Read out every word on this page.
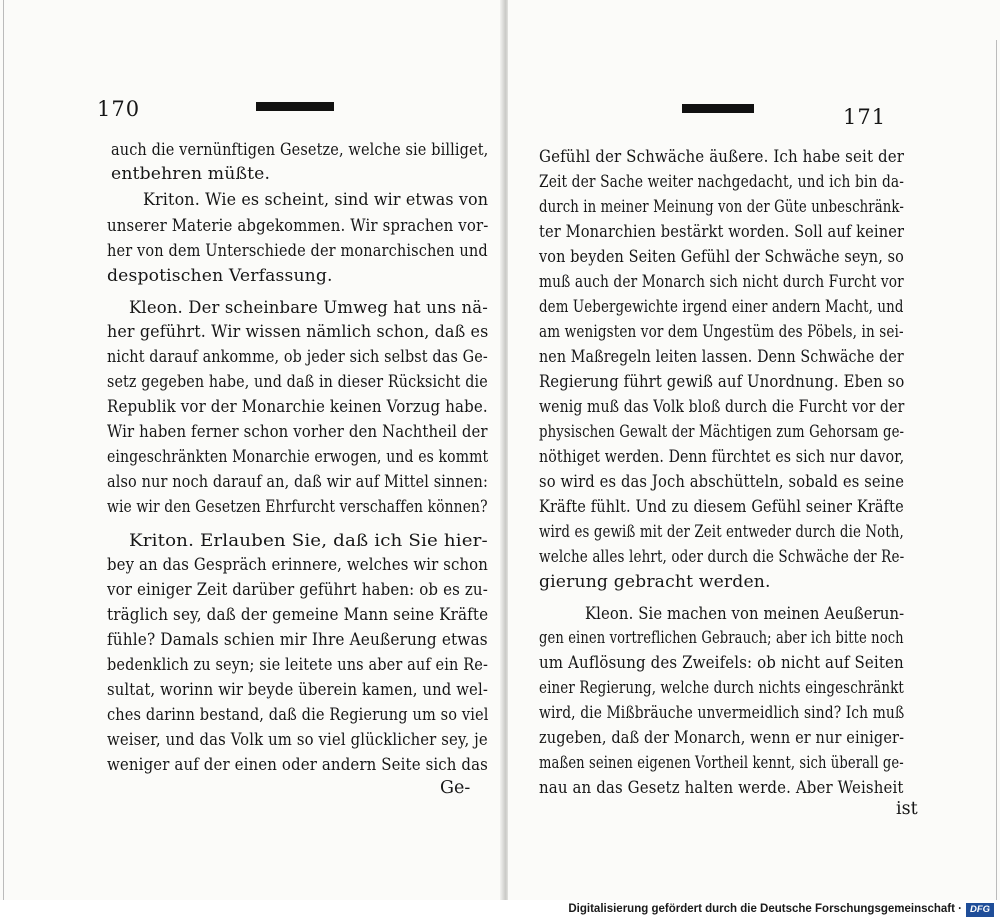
170
auch die vernünftigen Gesetze, welche sie billiget,
entbehren müßte.
Kriton. Wie es scheint, sind wir etwas von
unserer Materie abgekommen. Wir sprachen vor-
her von dem Unterschiede der monarchischen und
despotischen Verfassung.
Kleon. Der scheinbare Umweg hat uns nä-
her geführt. Wir wissen nämlich schon, daß es
nicht darauf ankomme, ob jeder sich selbst das Ge-
setz gegeben habe, und daß in dieser Rücksicht die
Republik vor der Monarchie keinen Vorzug habe.
Wir haben ferner schon vorher den Nachtheil der
eingeschränkten Monarchie erwogen, und es kommt
also nur noch darauf an, daß wir auf Mittel sinnen:
wie wir den Gesetzen Ehrfurcht verschaffen können?
Kriton. Erlauben Sie, daß ich Sie hier-
bey an das Gespräch erinnere, welches wir schon
vor einiger Zeit darüber geführt haben: ob es zu-
träglich sey, daß der gemeine Mann seine Kräfte
fühle? Damals schien mir Ihre Aeußerung etwas
bedenklich zu seyn; sie leitete uns aber auf ein Re-
sultat, worinn wir beyde überein kamen, und wel-
ches darinn bestand, daß die Regierung um so viel
weiser, und das Volk um so viel glücklicher sey, je
weniger auf der einen oder andern Seite sich das
Ge-
171
Gefühl der Schwäche äußere. Ich habe seit der
Zeit der Sache weiter nachgedacht, und ich bin da-
durch in meiner Meinung von der Güte unbeschränk-
ter Monarchien bestärkt worden. Soll auf keiner
von beyden Seiten Gefühl der Schwäche seyn, so
muß auch der Monarch sich nicht durch Furcht vor
dem Uebergewichte irgend einer andern Macht, und
am wenigsten vor dem Ungestüm des Pöbels, in sei-
nen Maßregeln leiten lassen. Denn Schwäche der
Regierung führt gewiß auf Unordnung. Eben so
wenig muß das Volk bloß durch die Furcht vor der
physischen Gewalt der Mächtigen zum Gehorsam ge-
nöthiget werden. Denn fürchtet es sich nur davor,
so wird es das Joch abschütteln, sobald es seine
Kräfte fühlt. Und zu diesem Gefühl seiner Kräfte
wird es gewiß mit der Zeit entweder durch die Noth,
welche alles lehrt, oder durch die Schwäche der Re-
gierung gebracht werden.
Kleon. Sie machen von meinen Aeußerun-
gen einen vortreflichen Gebrauch; aber ich bitte noch
um Auflösung des Zweifels: ob nicht auf Seiten
einer Regierung, welche durch nichts eingeschränkt
wird, die Mißbräuche unvermeidlich sind? Ich muß
zugeben, daß der Monarch, wenn er nur einiger-
maßen seinen eigenen Vortheil kennt, sich überall ge-
nau an das Gesetz halten werde. Aber Weisheit
ist
Digitalisierung gefördert durch die Deutsche Forschungsgemeinschaft · DFG
